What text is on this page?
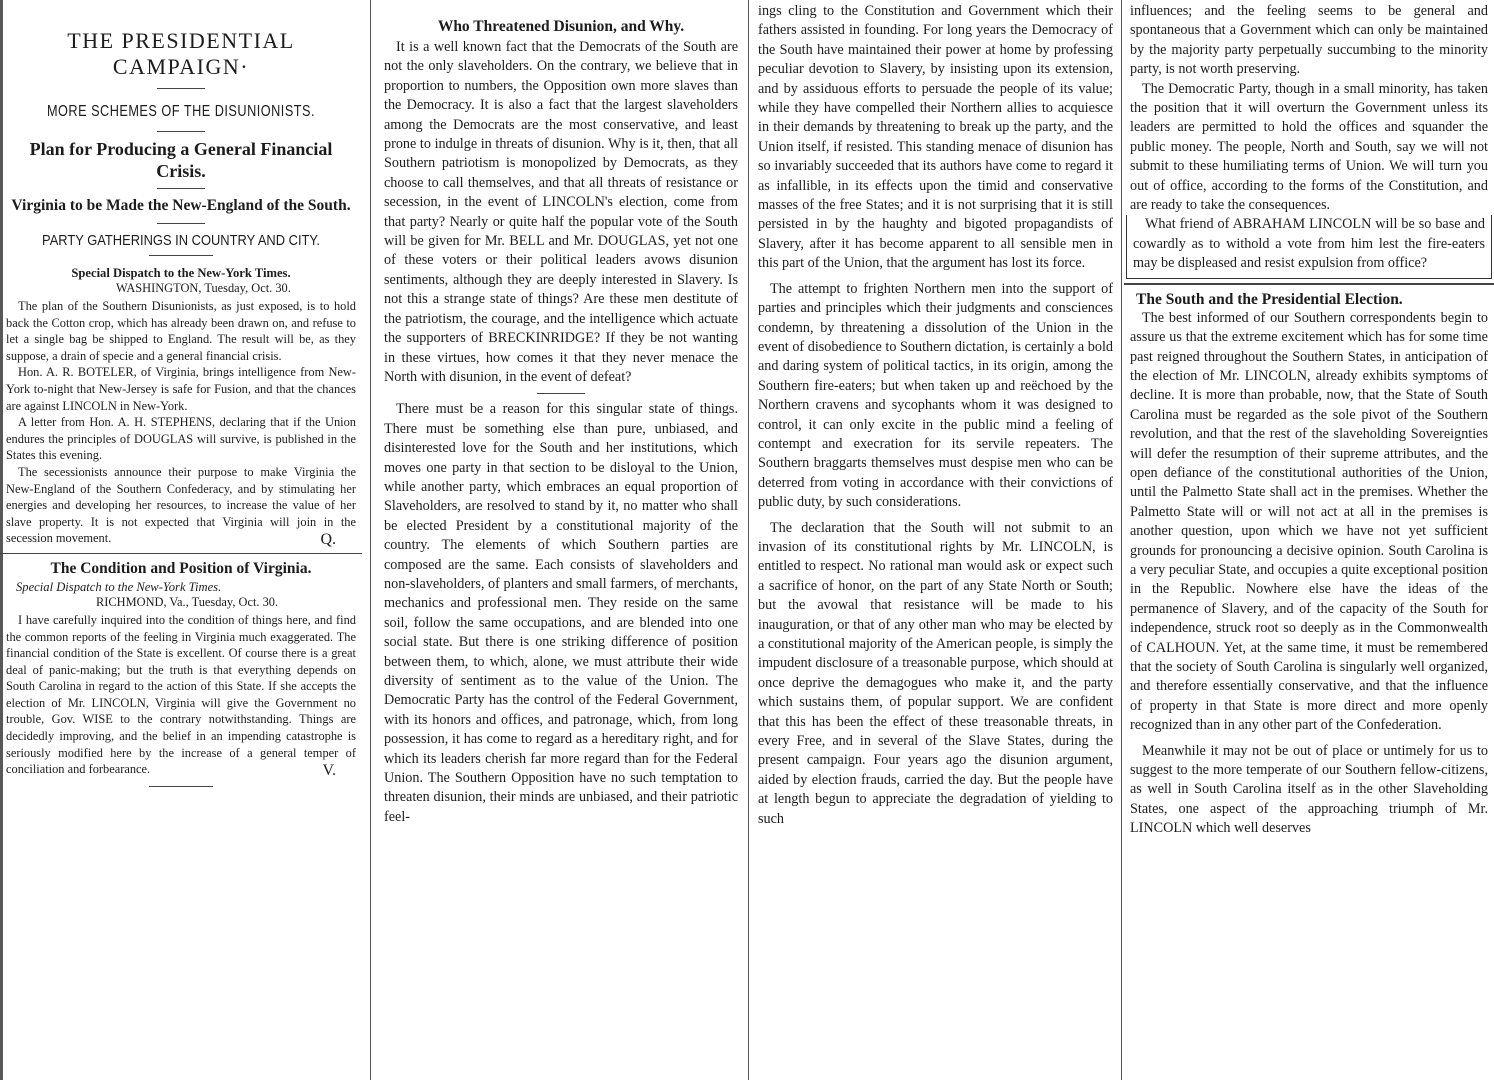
THE PRESIDENTIAL CAMPAIGN·
MORE SCHEMES OF THE DISUNIONISTS.
Plan for Producing a General Financial Crisis.
Virginia to be Made the New-England of the South.
PARTY GATHERINGS IN COUNTRY AND CITY.
Special Dispatch to the New-York Times.
WASHINGTON, Tuesday, Oct. 30.

The plan of the Southern Disunionists, as just exposed, is to hold back the Cotton crop, which has already been drawn on, and refuse to let a single bag be shipped to England. The result will be, as they suppose, a drain of specie and a general financial crisis.

Hon. A. R. BOTELER, of Virginia, brings intelligence from New-York to-night that New-Jersey is safe for Fusion, and that the chances are against LINCOLN in New-York.

A letter from Hon. A. H. STEPHENS, declaring that if the Union endures the principles of DOUGLAS will survive, is published in the States this evening.

The secessionists announce their purpose to make Virginia the New-England of the Southern Confederacy, and by stimulating her energies and developing her resources, to increase the value of her slave property. It is not expected that Virginia will join in the secession movement.	Q.
The Condition and Position of Virginia.
Special Dispatch to the New-York Times.
RICHMOND, Va., Tuesday, Oct. 30.

I have carefully inquired into the condition of things here, and find the common reports of the feeling in Virginia much exaggerated. The financial condition of the State is excellent. Of course there is a great deal of panic-making; but the truth is that everything depends on South Carolina in regard to the action of this State. If she accepts the election of Mr. LINCOLN, Virginia will give the Government no trouble, Gov. WISE to the contrary notwithstanding. Things are decidedly improving, and the belief in an impending catastrophe is seriously modified here by the increase of a general temper of conciliation and forbearance.	V.
Who Threatened Disunion, and Why.

It is a well known fact that the Democrats of the South are not the only slaveholders. On the contrary, we believe that in proportion to numbers, the Opposition own more slaves than the Democracy. It is also a fact that the largest slaveholders among the Democrats are the most conservative, and least prone to indulge in threats of disunion. Why is it, then, that all Southern patriotism is monopolized by Democrats, as they choose to call themselves, and that all threats of resistance or secession, in the event of LINCOLN's election, come from that party? Nearly or quite half the popular vote of the South will be given for Mr. BELL and Mr. DOUGLAS, yet not one of these voters or their political leaders avows disunion sentiments, although they are deeply interested in Slavery. Is not this a strange state of things? Are these men destitute of the patriotism, the courage, and the intelligence which actuate the supporters of BRECKINRIDGE? If they be not wanting in these virtues, how comes it that they never menace the North with disunion, in the event of defeat?

There must be a reason for this singular state of things. There must be something else than pure, unbiased, and disinterested love for the South and her institutions, which moves one party in that section to be disloyal to the Union, while another party, which embraces an equal proportion of Slaveholders, are resolved to stand by it, no matter who shall be elected President by a constitutional majority of the country. The elements of which Southern parties are composed are the same. Each consists of slaveholders and non-slaveholders, of planters and small farmers, of merchants, mechanics and professional men. They reside on the same soil, follow the same occupations, and are blended into one social state. But there is one striking difference of position between them, to which, alone, we must attribute their wide diversity of sentiment as to the value of the Union. The Democratic Party has the control of the Federal Government, with its honors and offices, and patronage, which, from long possession, it has come to regard as a hereditary right, and for which its leaders cherish far more regard than for the Federal Union. The Southern Opposition have no such temptation to threaten disunion, their minds are unbiased, and their patriotic feel-

ings cling to the Constitution and Government which their fathers assisted in founding. For long years the Democracy of the South have maintained their power at home by professing peculiar devotion to Slavery, by insisting upon its extension, and by assiduous efforts to persuade the people of its value; while they have compelled their Northern allies to acquiesce in their demands by threatening to break up the party, and the Union itself, if resisted. This standing menace of disunion has so invariably succeeded that its authors have come to regard it as infallible, in its effects upon the timid and conservative masses of the free States; and it is not surprising that it is still persisted in by the haughty and bigoted propagandists of Slavery, after it has become apparent to all sensible men in this part of the Union, that the argument has lost its force.

The attempt to frighten Northern men into the support of parties and principles which their judgments and consciences condemn, by threatening a dissolution of the Union in the event of disobedience to Southern dictation, is certainly a bold and daring system of political tactics, in its origin, among the Southern fire-eaters; but when taken up and reëchoed by the Northern cravens and sycophants whom it was designed to control, it can only excite in the public mind a feeling of contempt and execration for its servile repeaters. The Southern braggarts themselves must despise men who can be deterred from voting in accordance with their convictions of public duty, by such considerations.

The declaration that the South will not submit to an invasion of its constitutional rights by Mr. LINCOLN, is entitled to respect. No rational man would ask or expect such a sacrifice of honor, on the part of any State North or South; but the avowal that resistance will be made to his inauguration, or that of any other man who may be elected by a constitutional majority of the American people, is simply the impudent disclosure of a treasonable purpose, which should at once deprive the demagogues who make it, and the party which sustains them, of popular support. We are confident that this has been the effect of these treasonable threats, in every Free, and in several of the Slave States, during the present campaign. Four years ago the disunion argument, aided by election frauds, carried the day. But the people have at length begun to appreciate the degradation of yielding to such

influences; and the feeling seems to be general and spontaneous that a Government which can only be maintained by the majority party perpetually succumbing to the minority party, is not worth preserving.

The Democratic Party, though in a small minority, has taken the position that it will overturn the Government unless its leaders are permitted to hold the offices and squander the public money. The people, North and South, say we will not submit to these humiliating terms of Union. We will turn you out of office, according to the forms of the Constitution, and are ready to take the consequences.

What friend of ABRAHAM LINCOLN will be so base and cowardly as to withold a vote from him lest the fire-eaters may be displeased and resist expulsion from office?

The South and the Presidential Election.

The best informed of our Southern correspondents begin to assure us that the extreme excitement which has for some time past reigned throughout the Southern States, in anticipation of the election of Mr. LINCOLN, already exhibits symptoms of decline. It is more than probable, now, that the State of South Carolina must be regarded as the sole pivot of the Southern revolution, and that the rest of the slaveholding Sovereignties will defer the resumption of their supreme attributes, and the open defiance of the constitutional authorities of the Union, until the Palmetto State shall act in the premises. Whether the Palmetto State will or will not act at all in the premises is another question, upon which we have not yet sufficient grounds for pronouncing a decisive opinion. South Carolina is a very peculiar State, and occupies a quite exceptional position in the Republic. Nowhere else have the ideas of the permanence of Slavery, and of the capacity of the South for independence, struck root so deeply as in the Commonwealth of CALHOUN. Yet, at the same time, it must be remembered that the society of South Carolina is singularly well organized, and therefore essentially conservative, and that the influence of property in that State is more direct and more openly recognized than in any other part of the Confederation.

Meanwhile it may not be out of place or untimely for us to suggest to the more temperate of our Southern fellow-citizens, as well in South Carolina itself as in the other Slaveholding States, one aspect of the approaching triumph of Mr. LINCOLN which well deserves
